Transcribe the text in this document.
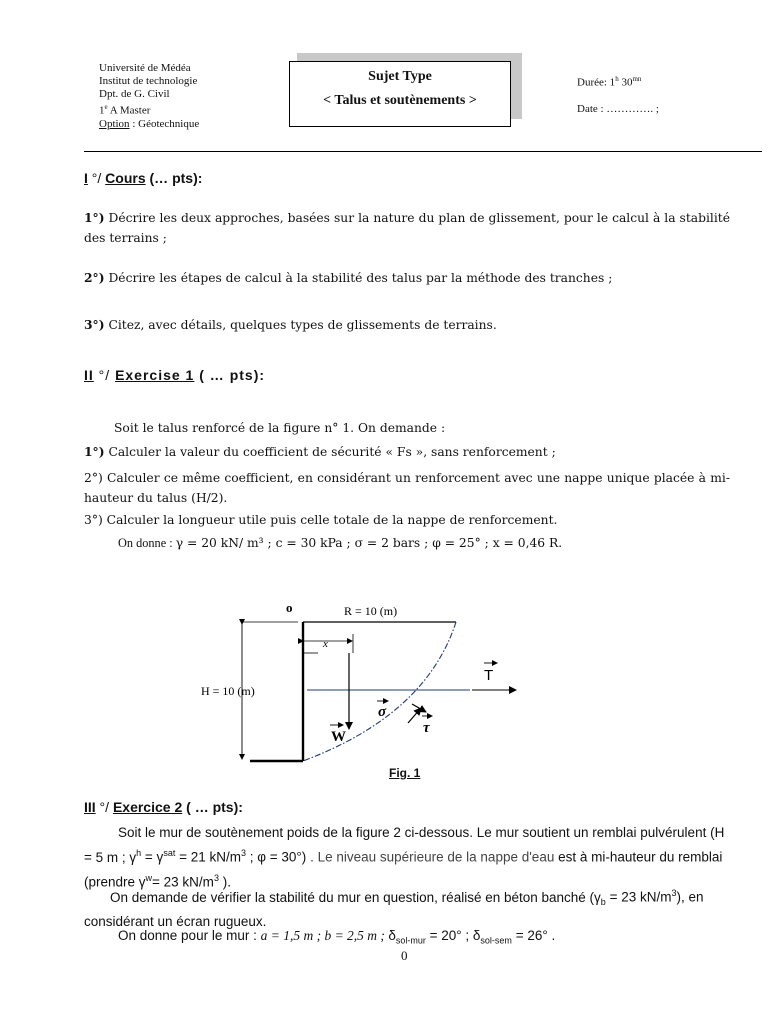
Université de Médéa
Institut de technologie
Dpt. de G. Civil
1e A Master
Option : Géotechnique
Sujet Type
< Talus et soutènements >
Durée: 1$^h$ $30^{mn}$
Date : …………. ;
I °/ Cours (… pts):
1°) Décrire les deux approches, basées sur la nature du plan de glissement, pour le calcul à la stabilité des terrains ;
2°) Décrire les étapes de calcul à la stabilité des talus par la méthode des tranches ;
3°) Citez, avec détails, quelques types de glissements de terrains.
II °/ Exercise 1 ( … pts):
Soit le talus renforcé de la figure n° 1. On demande :
1°) Calculer la valeur du coefficient de sécurité « Fs », sans renforcement ;
2°) Calculer ce même coefficient, en considérant un renforcement avec une nappe unique placée à mi-hauteur du talus (H/2).
3°) Calculer la longueur utile puis celle totale de la nappe de renforcement.
On donne : γ = 20 kN/ m³ ; c = 30 kPa ; σ = 2 bars ; φ = 25° ; x = 0,46 R.
o	R = 10 (m)
x
H = 10 (m)
T
σ
τ
W
Fig. 1
III °/ Exercice 2 ( … pts):
Soit le mur de soutènement poids de la figure 2 ci-dessous. Le mur soutient un remblai pulvérulent (H = 5 m ; $\gamma^h = \gamma^{sat} = 21$ $kN/m^3$ ; φ = 30°) . Le niveau supérieure de la nappe d'eau est à mi-hauteur du remblai (prendre $\gamma^w= 23$ $kN/m^3$ ).
On demande de vérifier la stabilité du mur en question, réalisé en béton banché ($\gamma_b = 23$ $kN/m^3$), en considérant un écran rugueux.
On donne pour le mur : a = 1,5 m ; b = 2,5 m ; $\delta_{sol-mur} = 20^\circ$ ; $\delta_{sol-sem} = 26^\circ$ .
0
